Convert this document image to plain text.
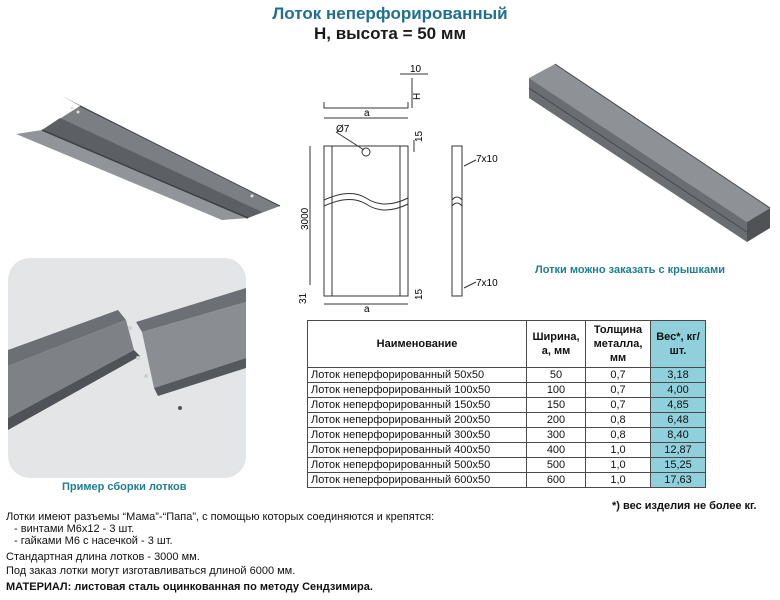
Лоток неперфорированный
H, высота = 50 мм
Пример сборки лотков
10
H
a
Ø7
15
3000
31
a
15
7x10
7x10
Лотки можно заказать с крышками
Наименование	Ширина, а, мм	Толщина металла, мм	Вес*, кг/шт.
Лоток неперфорированный 50х50	50	0,7	3,18
Лоток неперфорированный 100х50	100	0,7	4,00
Лоток неперфорированный 150х50	150	0,7	4,85
Лоток неперфорированный 200х50	200	0,8	6,48
Лоток неперфорированный 300х50	300	0,8	8,40
Лоток неперфорированный 400х50	400	1,0	12,87
Лоток неперфорированный 500х50	500	1,0	15,25
Лоток неперфорированный 600х50	600	1,0	17,63
*) вес изделия не более кг.
Лотки имеют разъемы “Мама”-“Папа”, с помощью которых соединяются и крепятся:
- винтами М6х12 - 3 шт.
- гайками М6 с насечкой - 3 шт.
Стандартная длина лотков - 3000 мм.
Под заказ лотки могут изготавливаться длиной 6000 мм.
МАТЕРИАЛ: листовая сталь оцинкованная по методу Сендзимира.
